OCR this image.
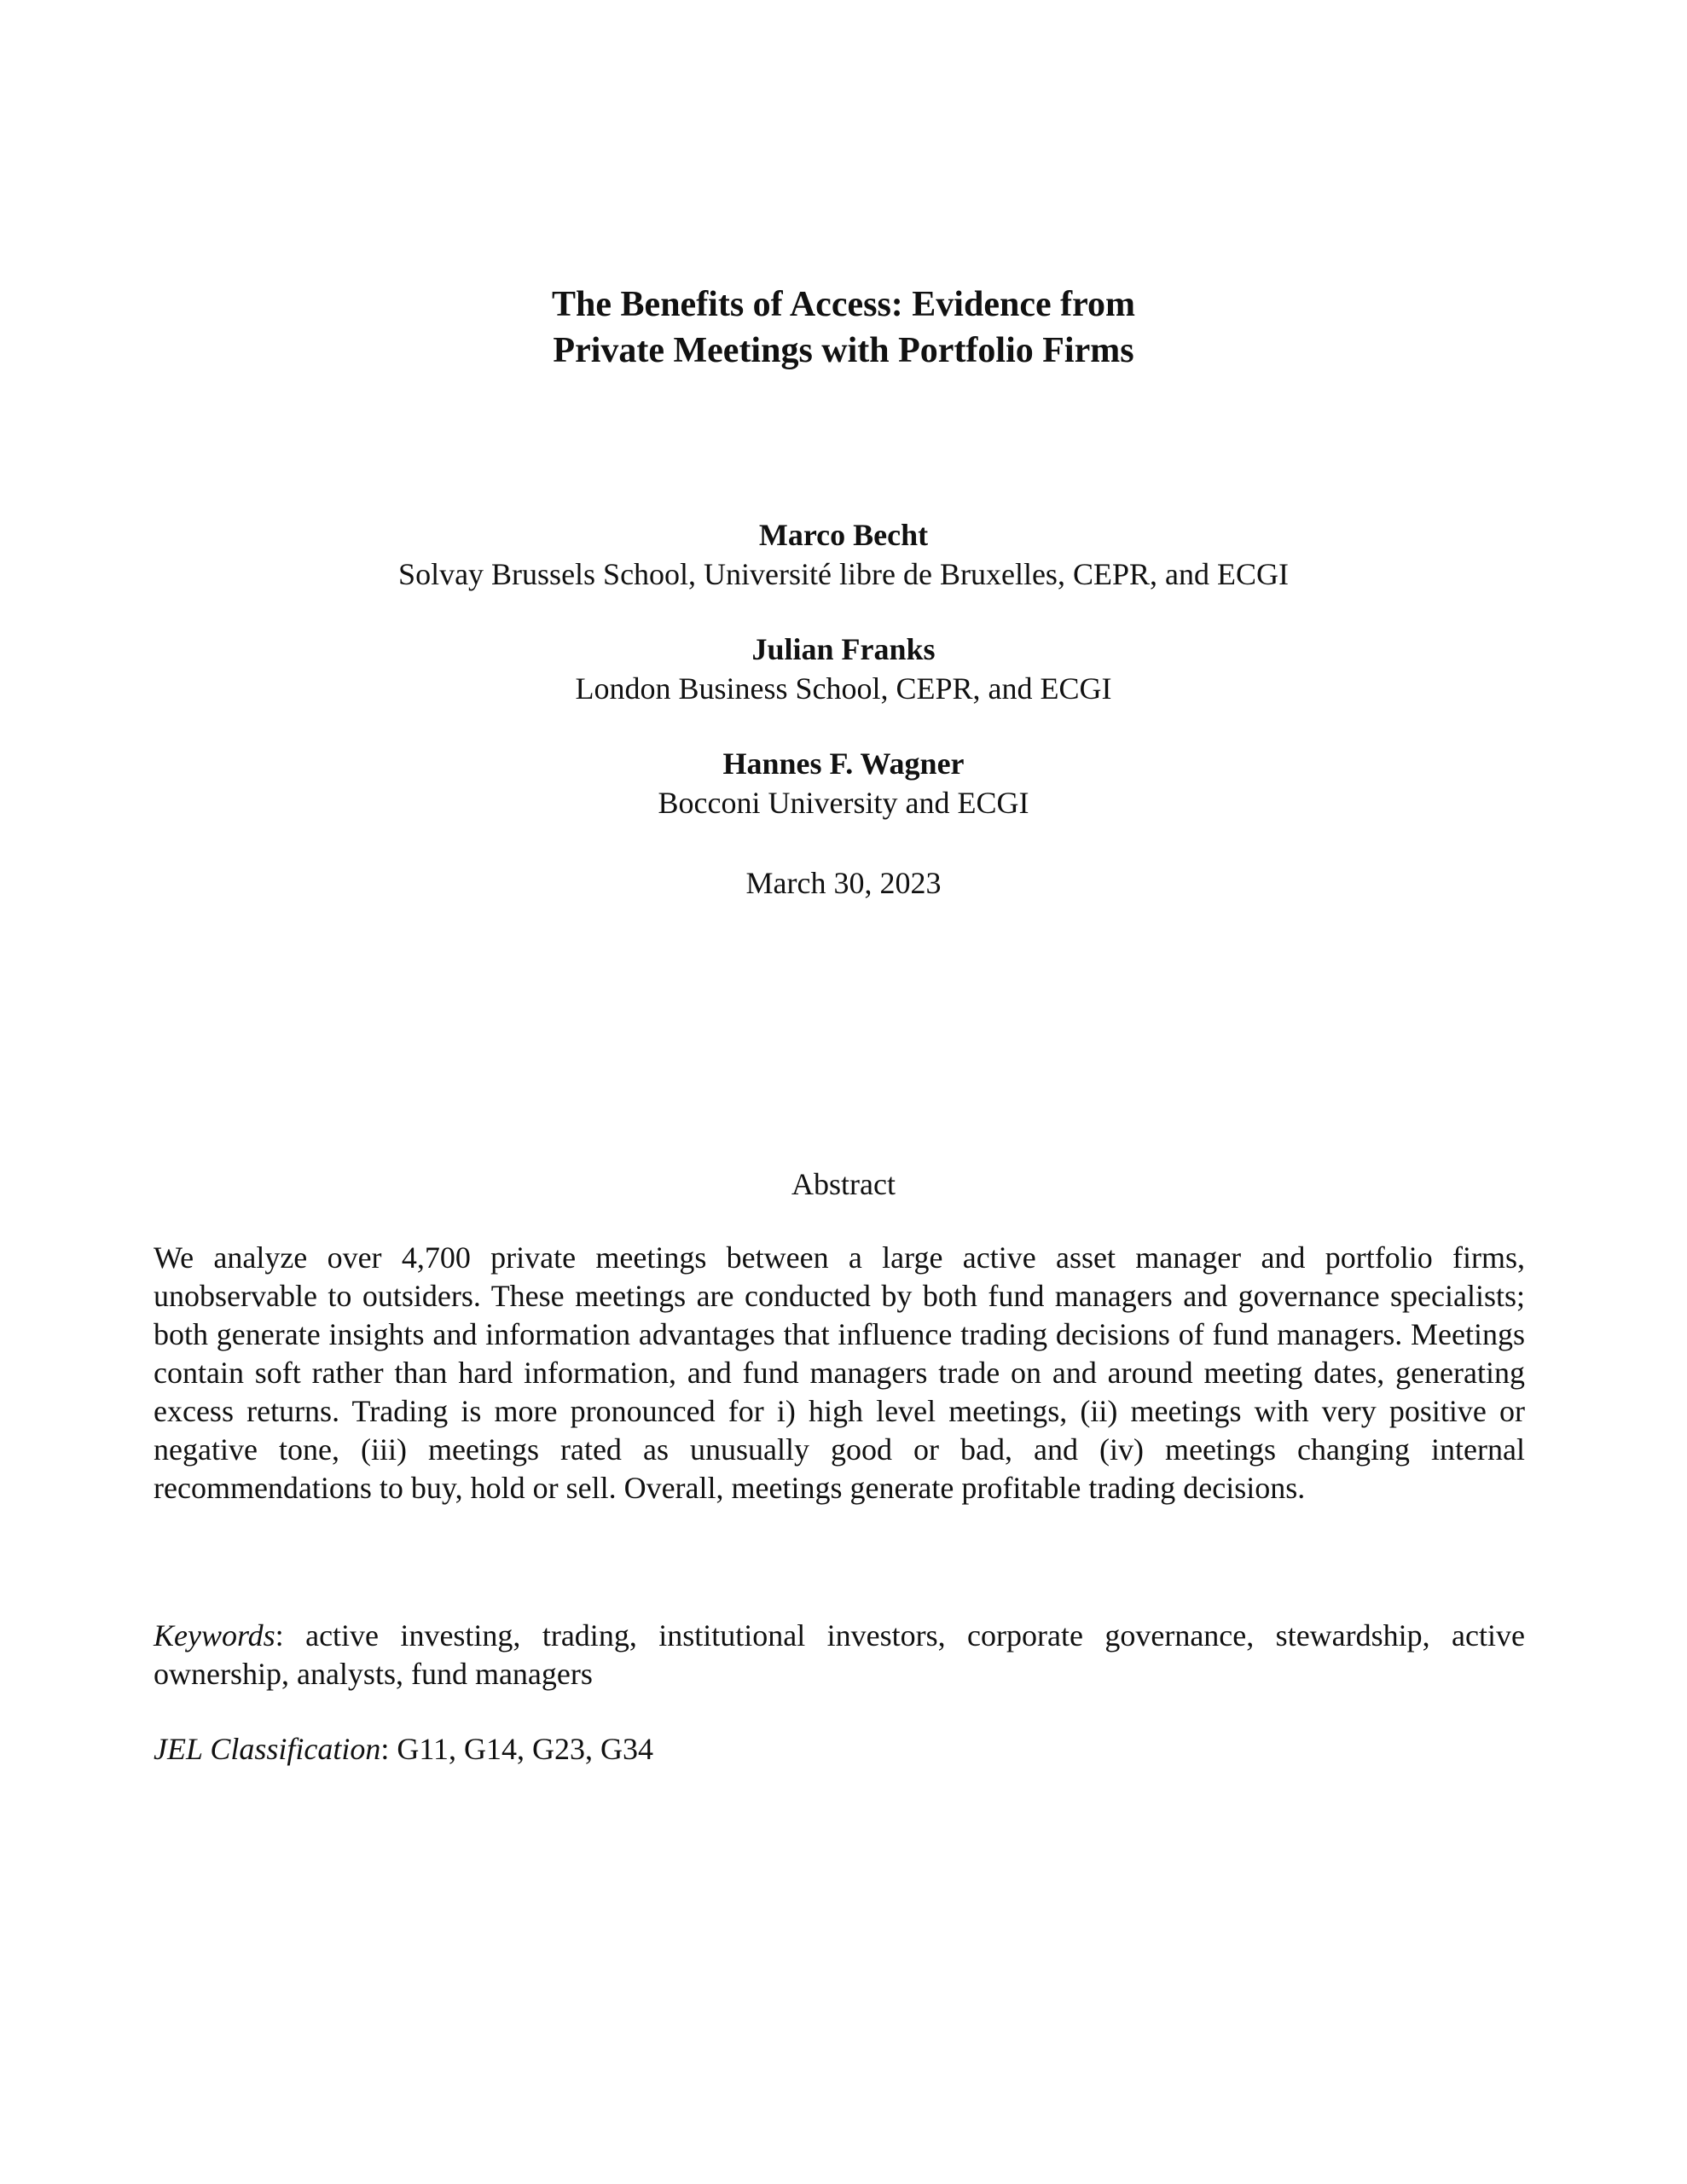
The Benefits of Access: Evidence from

Private Meetings with Portfolio Firms

Marco Becht

Solvay Brussels School, Université libre de Bruxelles, CEPR, and ECGI

Julian Franks

London Business School, CEPR, and ECGI

Hannes F. Wagner

Bocconi University and ECGI

March 30, 2023
Abstract

We analyze over 4,700 private meetings between a large active asset manager and portfolio firms, unobservable to outsiders. These meetings are conducted by both fund managers and governance specialists; both generate insights and information advantages that influence trading decisions of fund managers. Meetings contain soft rather than hard information, and fund managers trade on and around meeting dates, generating excess returns. Trading is more pronounced for i) high level meetings, (ii) meetings with very positive or negative tone, (iii) meetings rated as unusually good or bad, and (iv) meetings changing internal recommendations to buy, hold or sell. Overall, meetings generate profitable trading decisions.

Keywords: active investing, trading, institutional investors, corporate governance, stewardship, active ownership, analysts, fund managers

JEL Classification: G11, G14, G23, G34
